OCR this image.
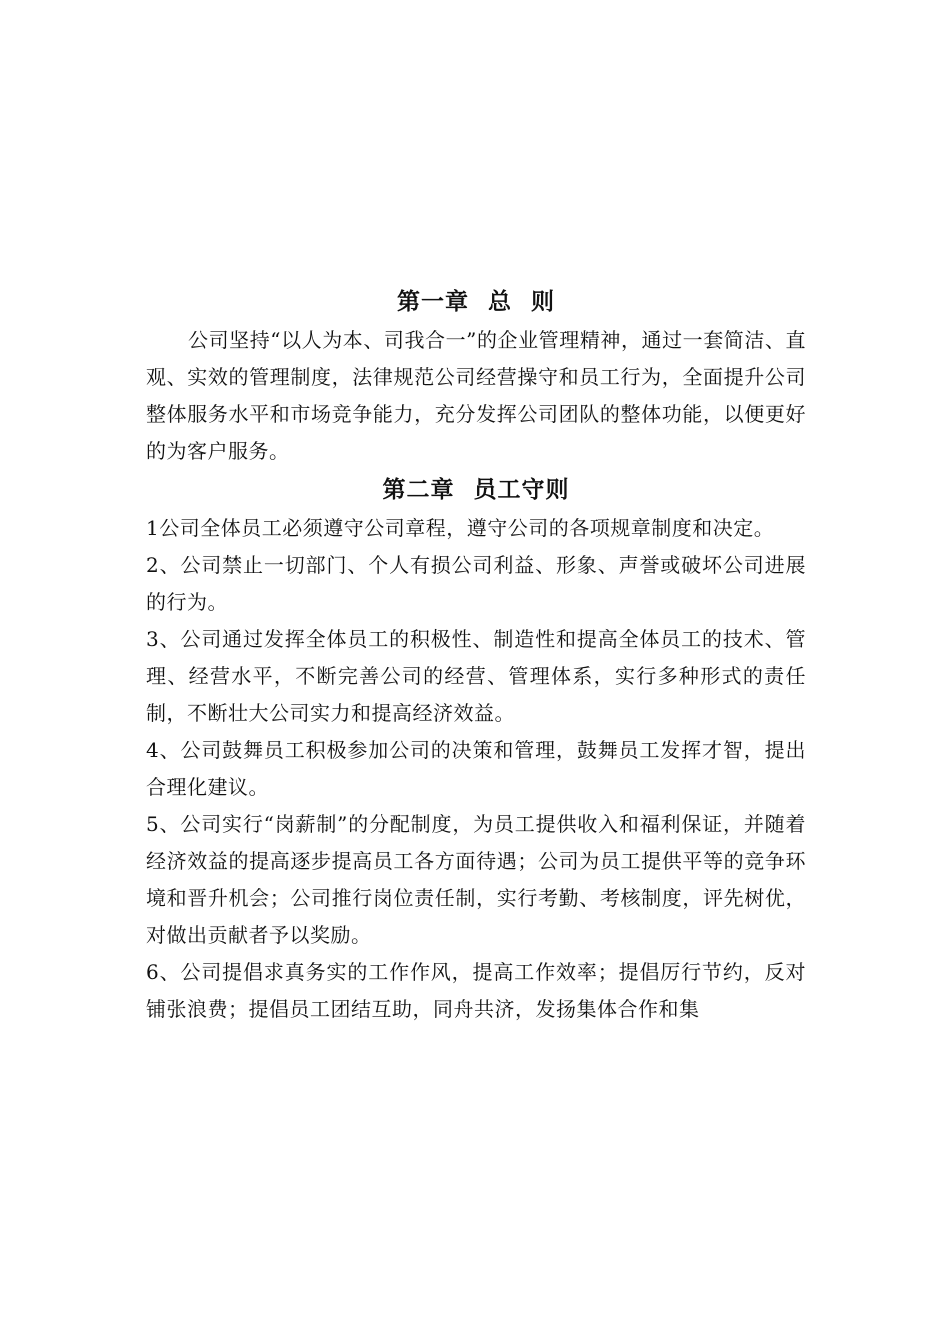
第一章 总 则

公司坚持“以人为本、司我合一”的企业管理精神，通过一套简洁、直观、实效的管理制度，法律规范公司经营操守和员工行为，全面提升公司整体服务水平和市场竞争能力，充分发挥公司团队的整体功能，以便更好的为客户服务。

第二章 员工守则

1公司全体员工必须遵守公司章程，遵守公司的各项规章制度和决定。

2、公司禁止一切部门、个人有损公司利益、形象、声誉或破坏公司进展的行为。

3、公司通过发挥全体员工的积极性、制造性和提高全体员工的技术、管理、经营水平，不断完善公司的经营、管理体系，实行多种形式的责任制，不断壮大公司实力和提高经济效益。

4、公司鼓舞员工积极参加公司的决策和管理，鼓舞员工发挥才智，提出合理化建议。

5、公司实行“岗薪制”的分配制度，为员工提供收入和福利保证，并随着经济效益的提高逐步提高员工各方面待遇；公司为员工提供平等的竞争环境和晋升机会；公司推行岗位责任制，实行考勤、考核制度，评先树优，对做出贡献者予以奖励。

6、公司提倡求真务实的工作作风，提高工作效率；提倡厉行节约，反对铺张浪费；提倡员工团结互助，同舟共济，发扬集体合作和集
